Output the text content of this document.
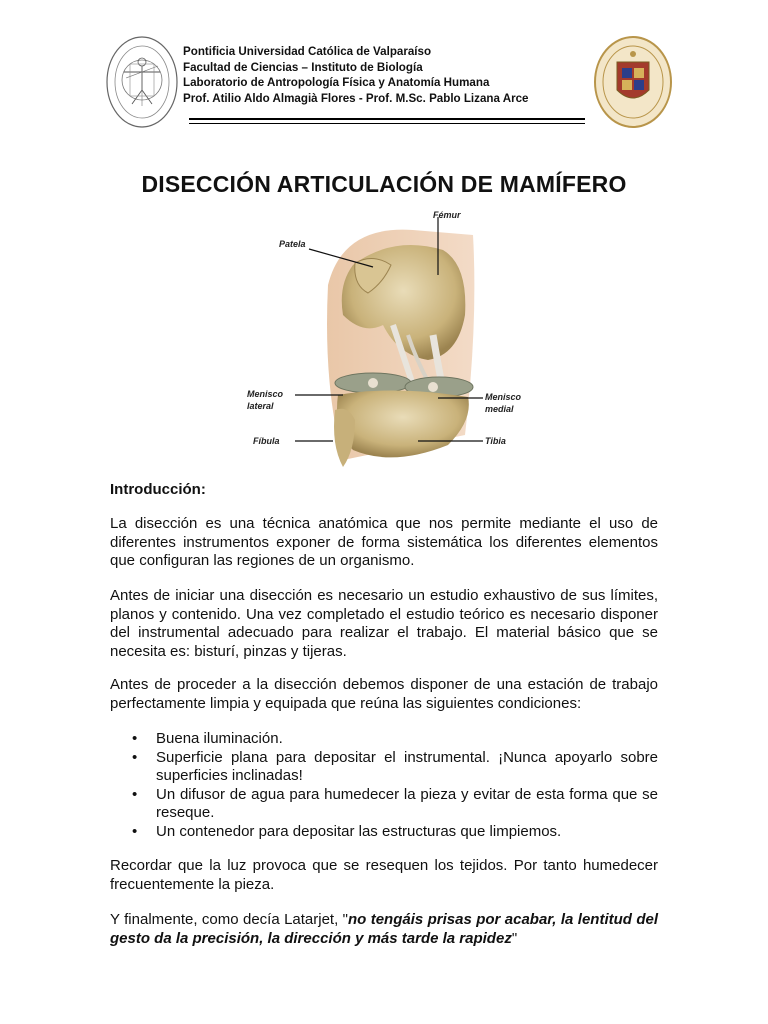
Pontificia Universidad Católica de Valparaíso
Facultad de Ciencias – Instituto de Biología
Laboratorio de Antropología Física y Anatomía Humana
Prof. Atilio Aldo Almagià Flores - Prof. M.Sc. Pablo Lizana Arce
DISECCIÓN ARTICULACIÓN DE MAMÍFERO
Fémur
Patela
Menisco
lateral
Menisco
medial
Fíbula	Tibia
Introducción:
La disección es una técnica anatómica que nos permite mediante el uso de diferentes instrumentos exponer de forma sistemática los diferentes elementos que configuran las regiones de un organismo.
Antes de iniciar una disección es necesario un estudio exhaustivo de sus límites, planos y contenido. Una vez completado el estudio teórico es necesario disponer del instrumental adecuado para realizar el trabajo. El material básico que se necesita es: bisturí, pinzas y tijeras.
Antes de proceder a la disección debemos disponer de una estación de trabajo perfectamente limpia y equipada que reúna las siguientes condiciones:
• Buena iluminación.
• Superficie plana para depositar el instrumental. ¡Nunca apoyarlo sobre superficies inclinadas!
• Un difusor de agua para humedecer la pieza y evitar de esta forma que se reseque.
• Un contenedor para depositar las estructuras que limpiemos.
Recordar que la luz provoca que se resequen los tejidos. Por tanto humedecer frecuentemente la pieza.
Y finalmente, como decía Latarjet, "no tengáis prisas por acabar, la lentitud del gesto da la precisión, la dirección y más tarde la rapidez"
